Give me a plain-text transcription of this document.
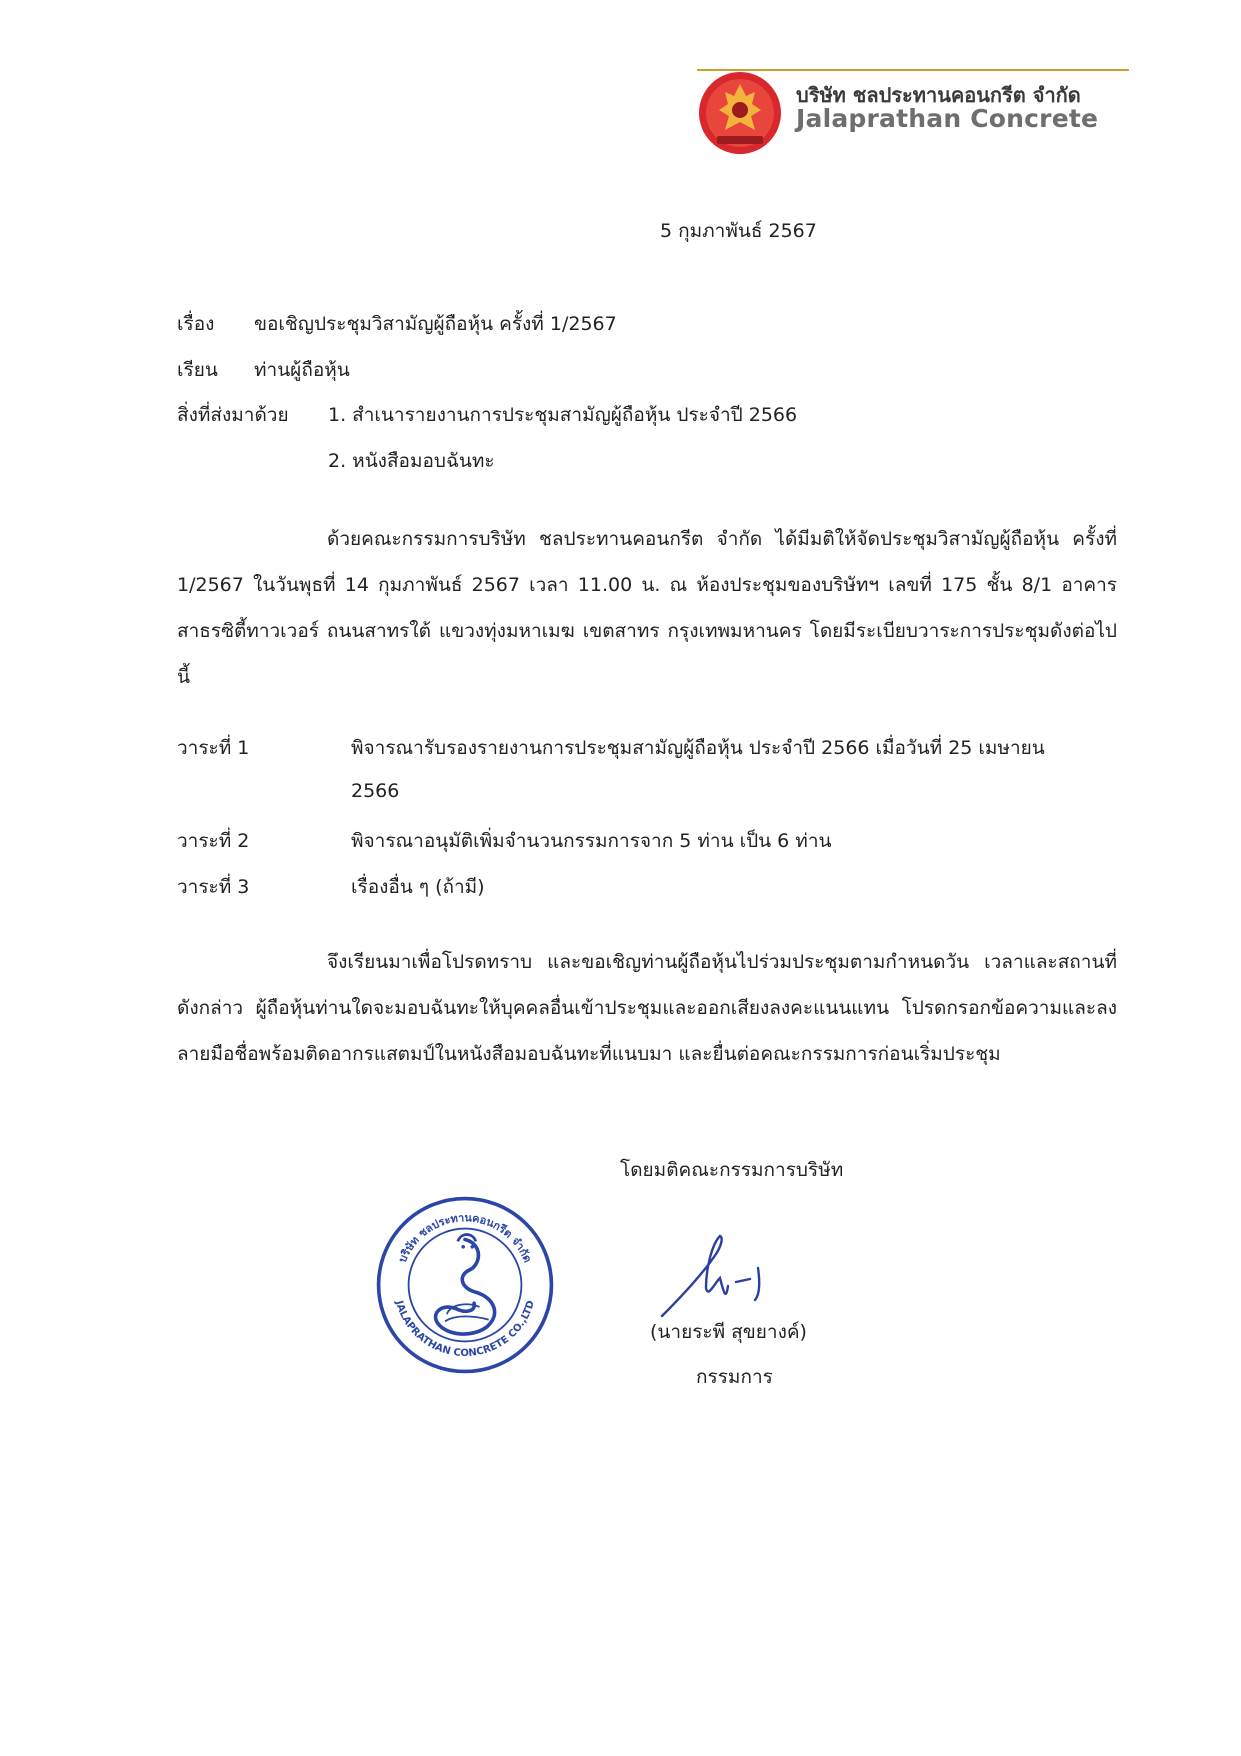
บริษัท ชลประทานคอนกรีต จำกัด
Jalaprathan Concrete
5 กุมภาพันธ์ 2567
เรื่อง ขอเชิญประชุมวิสามัญผู้ถือหุ้น ครั้งที่ 1/2567
เรียน ท่านผู้ถือหุ้น
สิ่งที่ส่งมาด้วย 1. สำเนารายงานการประชุมสามัญผู้ถือหุ้น ประจำปี 2566
2. หนังสือมอบฉันทะ
ด้วยคณะกรรมการบริษัท ชลประทานคอนกรีต จำกัด ได้มีมติให้จัดประชุมวิสามัญผู้ถือหุ้น ครั้งที่ 1/2567 ในวันพุธที่ 14 กุมภาพันธ์ 2567 เวลา 11.00 น. ณ ห้องประชุมของบริษัทฯ เลขที่ 175 ชั้น 8/1 อาคารสาธรซิตี้ทาวเวอร์ ถนนสาทรใต้ แขวงทุ่งมหาเมฆ เขตสาทร กรุงเทพมหานคร โดยมีระเบียบวาระการประชุมดังต่อไปนี้
วาระที่ 1	พิจารณารับรองรายงานการประชุมสามัญผู้ถือหุ้น ประจำปี 2566 เมื่อวันที่ 25 เมษายน
2566
วาระที่ 2	พิจารณาอนุมัติเพิ่มจำนวนกรรมการจาก 5 ท่าน เป็น 6 ท่าน
วาระที่ 3	เรื่องอื่น ๆ (ถ้ามี)
จึงเรียนมาเพื่อโปรดทราบ และขอเชิญท่านผู้ถือหุ้นไปร่วมประชุมตามกำหนดวัน เวลาและสถานที่ดังกล่าว ผู้ถือหุ้นท่านใดจะมอบฉันทะให้บุคคลอื่นเข้าประชุมและออกเสียงลงคะแนนแทน โปรดกรอกข้อความและลงลายมือชื่อพร้อมติดอากรแสตมป์ในหนังสือมอบฉันทะที่แนบมา และยื่นต่อคณะกรรมการก่อนเริ่มประชุม
โดยมติคณะกรรมการบริษัท
(นายระพี สุขยางค์)
กรรมการ
บริษัท ชลประทานคอนกรีต จำกัด
JALAPRATHAN CONCRETE CO.,LTD
